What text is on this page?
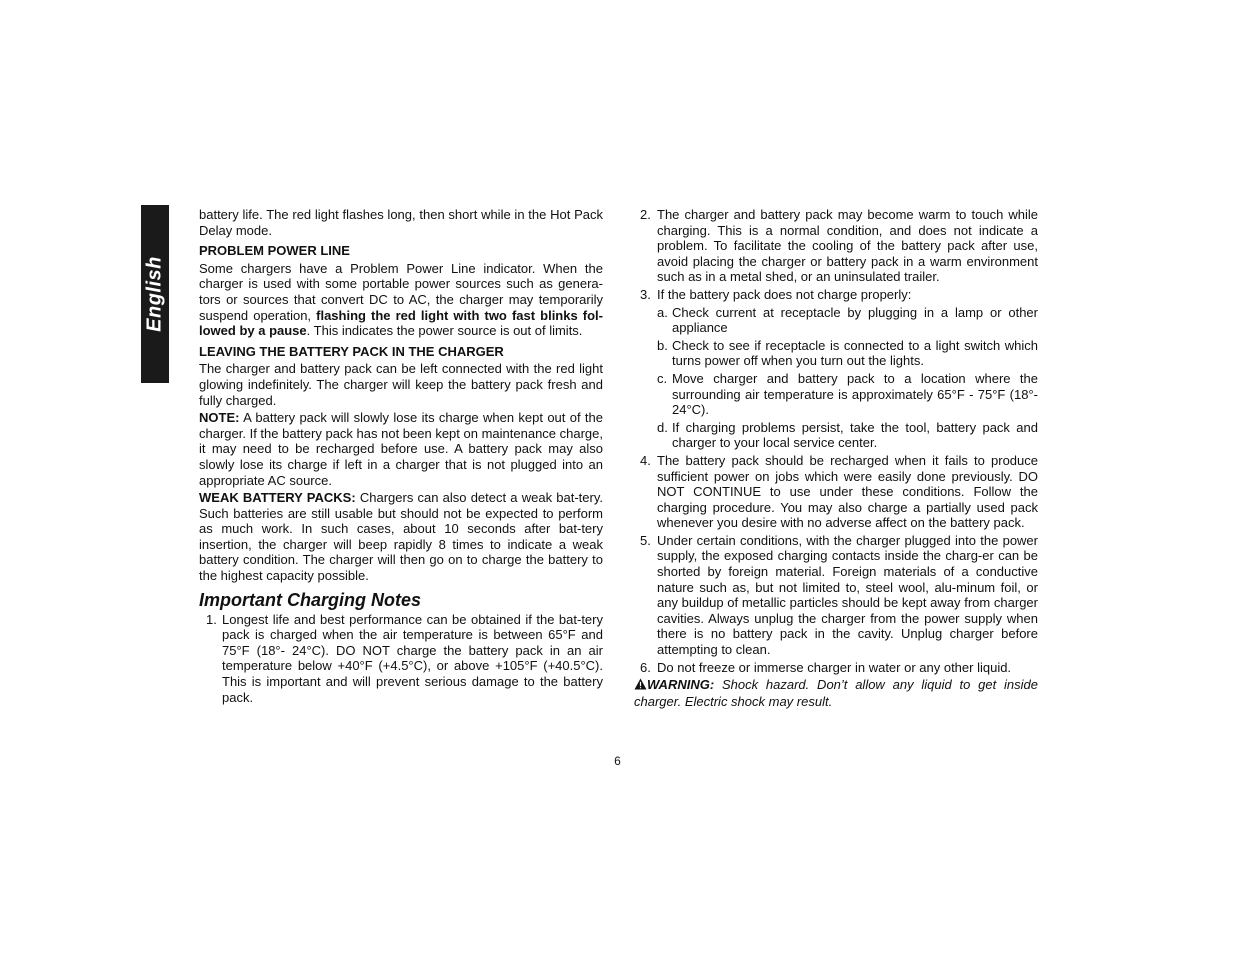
English

battery life. The red light flashes long, then short while in the Hot Pack Delay mode.

PROBLEM POWER LINE

Some chargers have a Problem Power Line indicator. When the charger is used with some portable power sources such as genera-tors or sources that convert DC to AC, the charger may temporarily suspend operation, flashing the red light with two fast blinks fol-lowed by a pause. This indicates the power source is out of limits.

LEAVING THE BATTERY PACK IN THE CHARGER

The charger and battery pack can be left connected with the red light glowing indefinitely. The charger will keep the battery pack fresh and fully charged.

NOTE: A battery pack will slowly lose its charge when kept out of the charger. If the battery pack has not been kept on maintenance charge, it may need to be recharged before use. A battery pack may also slowly lose its charge if left in a charger that is not plugged into an appropriate AC source.

WEAK BATTERY PACKS: Chargers can also detect a weak bat-tery. Such batteries are still usable but should not be expected to perform as much work. In such cases, about 10 seconds after bat-tery insertion, the charger will beep rapidly 8 times to indicate a weak battery condition. The charger will then go on to charge the battery to the highest capacity possible.

Important Charging Notes
1. Longest life and best performance can be obtained if the bat-tery pack is charged when the air temperature is between 65°F and 75°F (18°- 24°C). DO NOT charge the battery pack in an air temperature below +40°F (+4.5°C), or above +105°F (+40.5°C). This is important and will prevent serious damage to the battery pack.
2. The charger and battery pack may become warm to touch while charging. This is a normal condition, and does not indicate a problem. To facilitate the cooling of the battery pack after use, avoid placing the charger or battery pack in a warm environment such as in a metal shed, or an uninsulated trailer.
3. If the battery pack does not charge properly:
a. Check current at receptacle by plugging in a lamp or other appliance
b. Check to see if receptacle is connected to a light switch which turns power off when you turn out the lights.
c. Move charger and battery pack to a location where the surrounding air temperature is approximately 65°F - 75°F (18°- 24°C).
d. If charging problems persist, take the tool, battery pack and charger to your local service center.
4. The battery pack should be recharged when it fails to produce sufficient power on jobs which were easily done previously. DO NOT CONTINUE to use under these conditions. Follow the charging procedure. You may also charge a partially used pack whenever you desire with no adverse affect on the battery pack.
5. Under certain conditions, with the charger plugged into the power supply, the exposed charging contacts inside the charg-er can be shorted by foreign material. Foreign materials of a conductive nature such as, but not limited to, steel wool, alu-minum foil, or any buildup of metallic particles should be kept away from charger cavities. Always unplug the charger from the power supply when there is no battery pack in the cavity. Unplug charger before attempting to clean.
6. Do not freeze or immerse charger in water or any other liquid.

WARNING: Shock hazard. Don’t allow any liquid to get inside charger. Electric shock may result.

6
